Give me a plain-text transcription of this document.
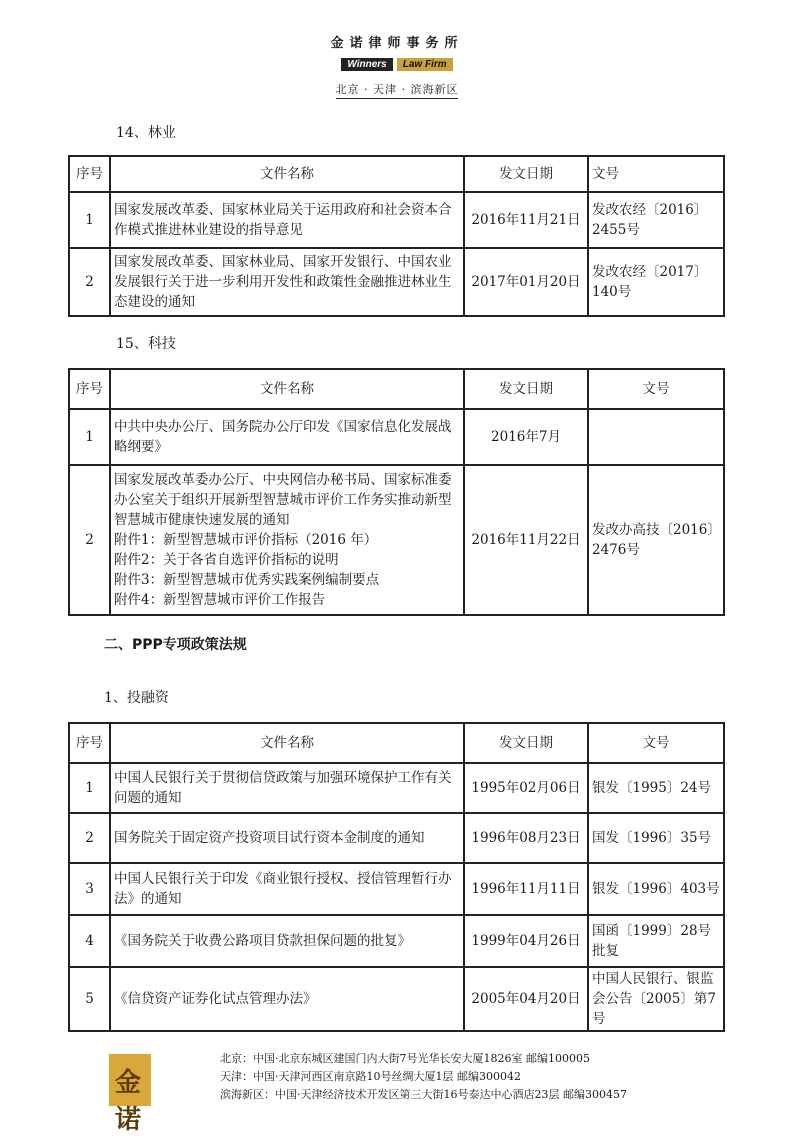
金诺律师事务所
Winners Law Firm
北京 · 天津 · 滨海新区
14、林业
序号	文件名称	发文日期	文号
1	国家发展改革委、国家林业局关于运用政府和社会资本合作模式推进林业建设的指导意见	2016年11月21日	发改农经〔2016〕2455号
2	国家发展改革委、国家林业局、国家开发银行、中国农业发展银行关于进一步利用开发性和政策性金融推进林业生态建设的通知	2017年01月20日	发改农经〔2017〕140号
15、科技
序号	文件名称	发文日期	文号
1	中共中央办公厅、国务院办公厅印发《国家信息化发展战略纲要》	2016年7月	
2	国家发展改革委办公厅、中央网信办秘书局、国家标准委办公室关于组织开展新型智慧城市评价工作务实推动新型智慧城市健康快速发展的通知
附件1：新型智慧城市评价指标（2016 年）
附件2：关于各省自选评价指标的说明
附件3：新型智慧城市优秀实践案例编制要点
附件4：新型智慧城市评价工作报告	2016年11月22日	发改办高技〔2016〕2476号
二、PPP专项政策法规
1、投融资
序号	文件名称	发文日期	文号
1	中国人民银行关于贯彻信贷政策与加强环境保护工作有关问题的通知	1995年02月06日	银发〔1995〕24号
2	国务院关于固定资产投资项目试行资本金制度的通知	1996年08月23日	国发〔1996〕35号
3	中国人民银行关于印发《商业银行授权、授信管理暂行办法》的通知	1996年11月11日	银发〔1996〕403号
4	《国务院关于收费公路项目贷款担保问题的批复》	1999年04月26日	国函〔1999〕28号批复
5	《信贷资产证券化试点管理办法》	2005年04月20日	中国人民银行、银监会公告〔2005〕第7号
金诺
北京：中国·北京东城区建国门内大街7号光华长安大厦1826室 邮编100005
天津：中国·天津河西区南京路10号丝绸大厦1层 邮编300042
滨海新区：中国·天津经济技术开发区第三大街16号泰达中心酒店23层 邮编300457
